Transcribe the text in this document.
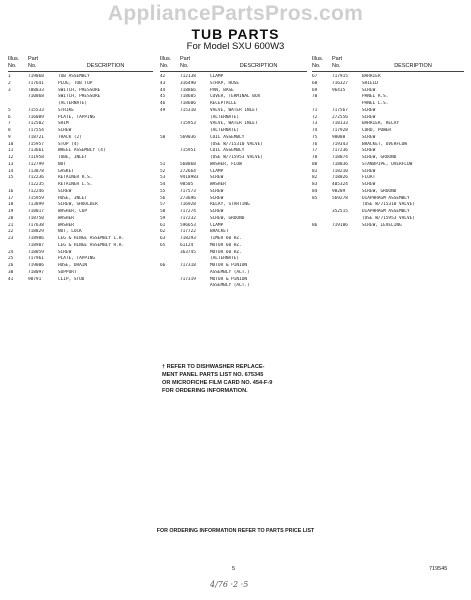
AppliancePartsPros.com
TUB PARTS
For Model SXU 600W3
Illus.
No.
Part
No.	DESCRIPTION
1	719068	TUB ASSEMBLY
2	717641	PLUG, TUB TOP
3	708033	SWITCH, PRESSURE
710068	SWITCH, PRESSURE
(ALTERNATE)
5	715533	STRIKE
6	716089	PLATE, TAPPING
7	712502	SHIM
8	717554	SCREW
9	718721	TRACK (2)
10	715957	STOP (4)
11	713661	WHEEL ASSEMBLY (4)
12	711958	TUBE, INLET
13	712799	NUT
14	713878	GASKET
15	712236	RETAINER R.S.
712235	RETAINER L.S.
16	712246	SCREW
17	715959	HOSE, INLET
18	713899	SCREW, SHOULDER
19	718017	WASHER, CUP
20	718750	WASHER
21	717638	WASHER
22	718829	NUT, LOCK
23	718986	LEG & HINGE ASSEMBLY L.H.
718987	LEG & HINGE ASSEMBLY R.H.
24	718059	SCREW
25	717961	PLATE, TAPPING
26	719006	HOSE, DRAIN
30	718097	SUPPORT
41	90791	CLIP, STUD
Illus.
No.
Part
No.	DESCRIPTION
42	712138	CLAMP
43	316490	STRAP, HOSE
44	718866	PAN, BASE
45	718605	COVER, TERMINAL BOX
46	718606	RECEPTACLE
49	715310	VALVE, WATER INLET
(ALTERNATE)
715953	VALVE, WATER INLET
(ALTERNATE)
50	569036	COIL ASSEMBLY
(USE W/715310 VALVE)
715951	COIL ASSEMBLY
(USE W/715953 VALVE)
51	568868	WASHER, FLOW
52	272664	CLAMP
53	9418983	SCREW
54	98505	WASHER
55	717573	SCREW
56	273696	SCREW
57	716928	RELAY, STARTING
58	717274	SCREW
59	717232	SCREW, GROUND
61	596653	CLAMP
62	717722	BRACKET
63	718293	TIMER 60 HZ.
65	61124	MOTOR 60 HZ.
363745	MOTOR 60 HZ.
(ALTERNATE)
66	717318	MOTOR & PINION
ASSEMBLY (ALT.)
717319	MOTOR & PINION
ASSEMBLY (ALT.)
Illus.
No.
Part
No.	DESCRIPTION
67	717915	BARRIER
68	716327	SHIELD
69	96435	SCREW
70	PANEL R.S.
PANEL L.S.
71	717567	SCREW
72	272556	SCREW
73	718133	BARRIER, RELAY
74	717928	CORD, POWER
75	98088	SCREW
76	719343	BRACKET, OVERFLOW
77	717236	SCREW
78	718074	SCREW, GROUND
80	718036	STANDPIPE, OVERFLOW
81	718210	SCREW
82	718026	FLOAT
83	405324	SCREW
84	98209	SCREW, GROUND
85	569278	DIAPHRAGM ASSEMBLY
(USE W/715310 VALVE)
352515	DIAPHRAGM ASSEMBLY
(USE W/715953 VALVE)
86	719186	SCREW, LEVELING
† REFER TO DISHWASHER REPLACE-
MENT PANEL PARTS LIST NO. 675345
OR MICROFICHE FILM CARD NO. 454-F-9
FOR ORDERING INFORMATION.
FOR ORDERING INFORMATION REFER TO PARTS PRICE LIST
5	719545
4/76 ·2 ·5
